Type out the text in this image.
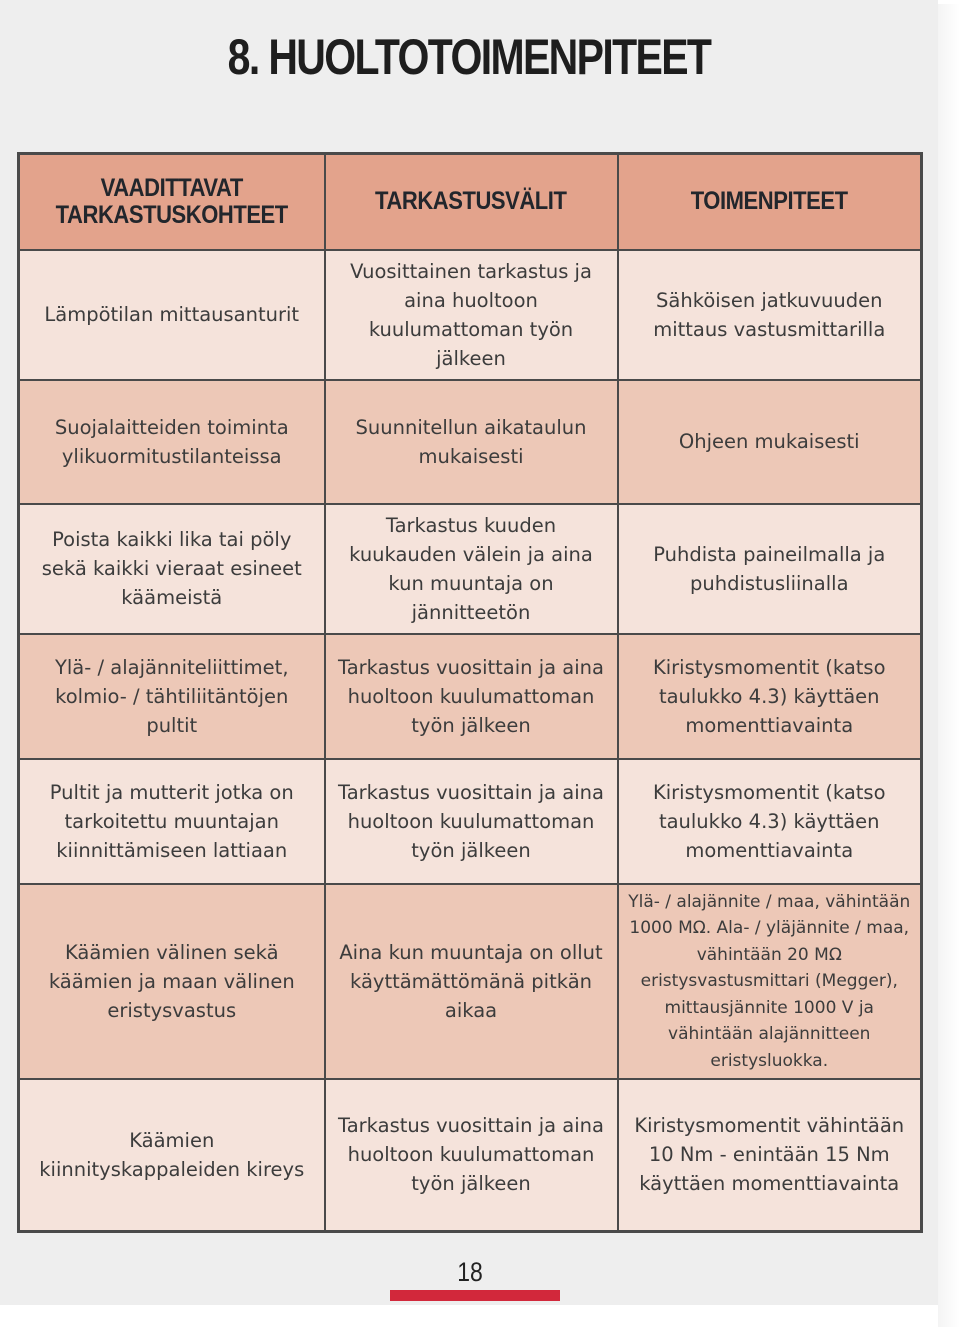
8. HUOLTOTOIMENPITEET
VAADITTAVAT TARKASTUSKOHTEET	TARKASTUSVÄLIT	TOIMENPITEET
Lämpötilan mittausanturit	Vuosittainen tarkastus ja aina huoltoon kuulumattoman työn jälkeen	Sähköisen jatkuvuuden mittaus vastusmittarilla
Suojalaitteiden toiminta ylikuormitustilanteissa	Suunnitellun aikataulun mukaisesti	Ohjeen mukaisesti
Poista kaikki lika tai pöly sekä kaikki vieraat esineet käämeistä	Tarkastus kuuden kuukauden välein ja aina kun muuntaja on jännitteetön	Puhdista paineilmalla ja puhdistusliinalla
Ylä- / alajänniteliittimet, kolmio- / tähtiliitäntöjen pultit	Tarkastus vuosittain ja aina huoltoon kuulumattoman työn jälkeen	Kiristysmomentit (katso taulukko 4.3) käyttäen momenttiavainta
Pultit ja mutterit jotka on tarkoitettu muuntajan kiinnittämiseen lattiaan	Tarkastus vuosittain ja aina huoltoon kuulumattoman työn jälkeen	Kiristysmomentit (katso taulukko 4.3) käyttäen momenttiavainta
Käämien välinen sekä käämien ja maan välinen eristysvastus	Aina kun muuntaja on ollut käyttämättömänä pitkän aikaa	Ylä- / alajännite / maa, vähintään 1000 MΩ. Ala- / yläjännite / maa, vähintään 20 MΩ eristysvastusmittari (Megger), mittausjännite 1000 V ja vähintään alajännitteen eristysluokka.
Käämien kiinnityskappaleiden kireys	Tarkastus vuosittain ja aina huoltoon kuulumattoman työn jälkeen	Kiristysmomentit vähintään 10 Nm - enintään 15 Nm käyttäen momenttiavainta
18
